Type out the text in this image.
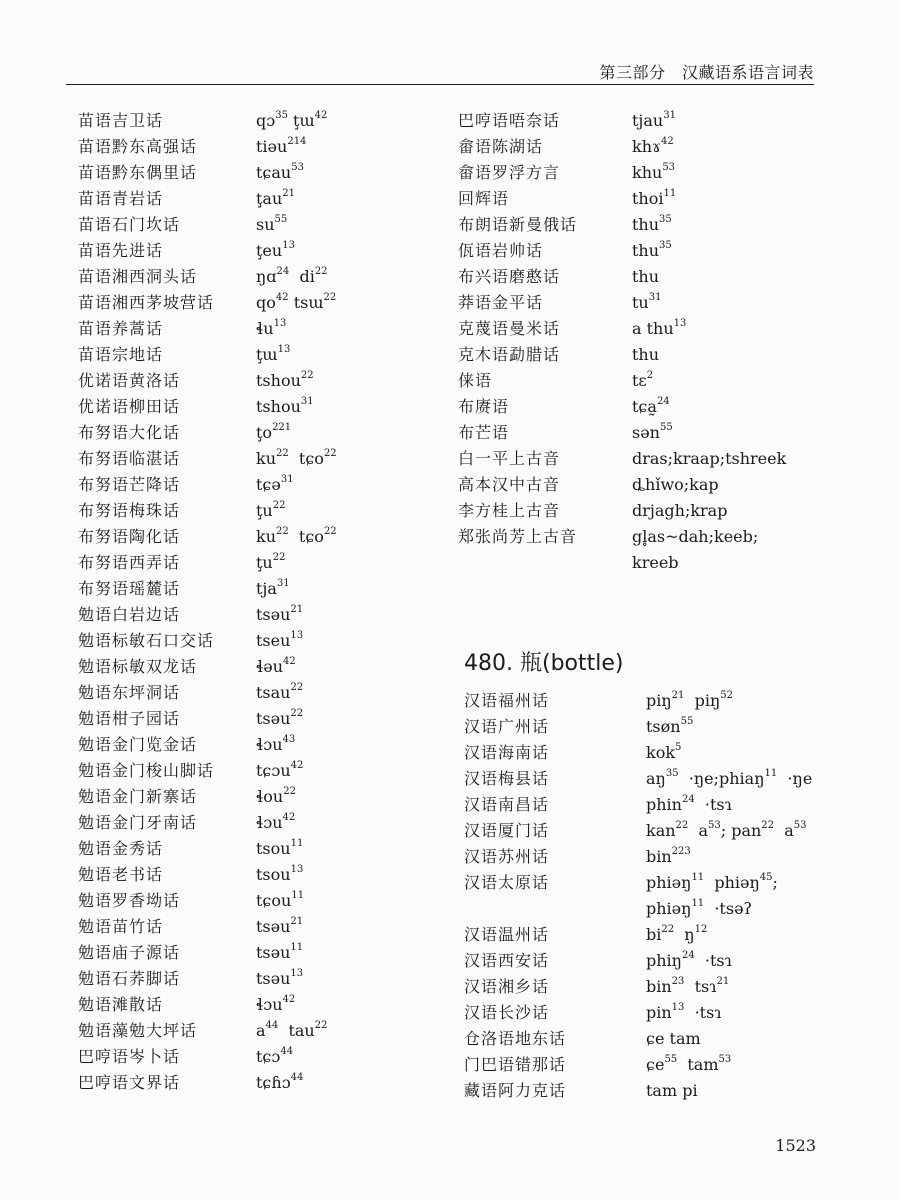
第三部分　汉藏语系语言词表
苗语吉卫话	qɔ$^{35}$ ţɯ$^{42}$
苗语黔东高强话	tiəu$^{214}$
苗语黔东偶里话	tɕau$^{53}$
苗语青岩话	ţau$^{21}$
苗语石门坎话	$su^{55}$
苗语先进话	ţeu$^{13}$
苗语湘西洞头话	ŋɑ$^{24}$  $di^{22}$
苗语湘西茅坡营话	$qo^{42}$ tsɯ$^{22}$
苗语养蒿话	ɬu$^{13}$
苗语宗地话	ţɯ$^{13}$
优诺语黄洛话	tshou$^{22}$
优诺语柳田话	tshou$^{31}$
布努语大化话	$ţo^{221}$
布努语临湛话	$ku^{22}$  tɕo$^{22}$
布努语芒降话	tɕə$^{31}$
布努语梅珠话	$ţu^{22}$
布努语陶化话	$ku^{22}$  tɕo$^{22}$
布努语西弄话	$ţu^{22}$
布努语瑶麓话	tja$^{31}$
勉语白岩边话	tsəu$^{21}$
勉语标敏石口交话	tseu$^{13}$
勉语标敏双龙话	ɬəu$^{42}$
勉语东坪洞话	tsau$^{22}$
勉语柑子园话	tsəu$^{22}$
勉语金门览金话	ɬɔu$^{43}$
勉语金门梭山脚话	tɕɔu$^{42}$
勉语金门新寨话	ɬou$^{22}$
勉语金门牙南话	ɬɔu$^{42}$
勉语金秀话	tsou$^{11}$
勉语老书话	tsou$^{13}$
勉语罗香坳话	tɕou$^{11}$
勉语苗竹话	tsəu$^{21}$
勉语庙子源话	tsəu$^{11}$
勉语石荞脚话	tsəu$^{13}$
勉语滩散话	ɬɔu$^{42}$
勉语藻勉大坪话	$a^{44}$  tau$^{22}$
巴哼语岑卜话	tɕɔ$^{44}$
巴哼语文界话	tɕɦɔ$^{44}$
巴哼语唔奈话	tjau$^{31}$
畲语陈湖话	khɤ$^{42}$
畲语罗浮方言	khu$^{53}$
回辉语	thoi$^{11}$
布朗语新曼俄话	thu$^{35}$
佤语岩帅话	thu$^{35}$
布兴语磨憨话	thu
莽语金平话	$tu^{31}$
克蔑语曼米话	a thu$^{13}$
克木语勐腊话	thu
俫语	tɛ$^2$
布赓语	tɕa̰$^{24}$
布芒语	sən$^{55}$
白一平上古音	dras;kraap;tshreek
高本汉中古音	ȡhǐwo;kap
李方桂上古音	drjagh;krap
郑张尚芳上古音	gl̥as~dah;keeb;
kreeb
480. 瓶(bottle)
汉语福州话	piŋ$^{21}$  piŋ$^{52}$
汉语广州话	tsøn$^{55}$
汉语海南话	kok$^5$
汉语梅县话	$aŋ^{35}$  ·ŋe;phiaŋ$^{11}$  ·ŋe
汉语南昌话	phin$^{24}$  ·tsɿ
汉语厦门话	kan$^{22}$  $a^{53}$; pan$^{22}$  $a^{53}$
汉语苏州话	bin$^{223}$
汉语太原话	phiəŋ$^{11}$  phiəŋ$^{45}$;
phiəŋ$^{11}$  ·tsəʔ
汉语温州话	$bi^{22}$  $ŋ^{12}$
汉语西安话	phiŋ$^{24}$  ·tsɿ
汉语湘乡话	bin$^{23}$  tsɿ$^{21}$
汉语长沙话	pin$^{13}$  ·tsɿ
仓洛语地东话	ɕe tam
门巴语错那话	ɕe$^{55}$  tam$^{53}$
藏语阿力克话	tam pi
1523
